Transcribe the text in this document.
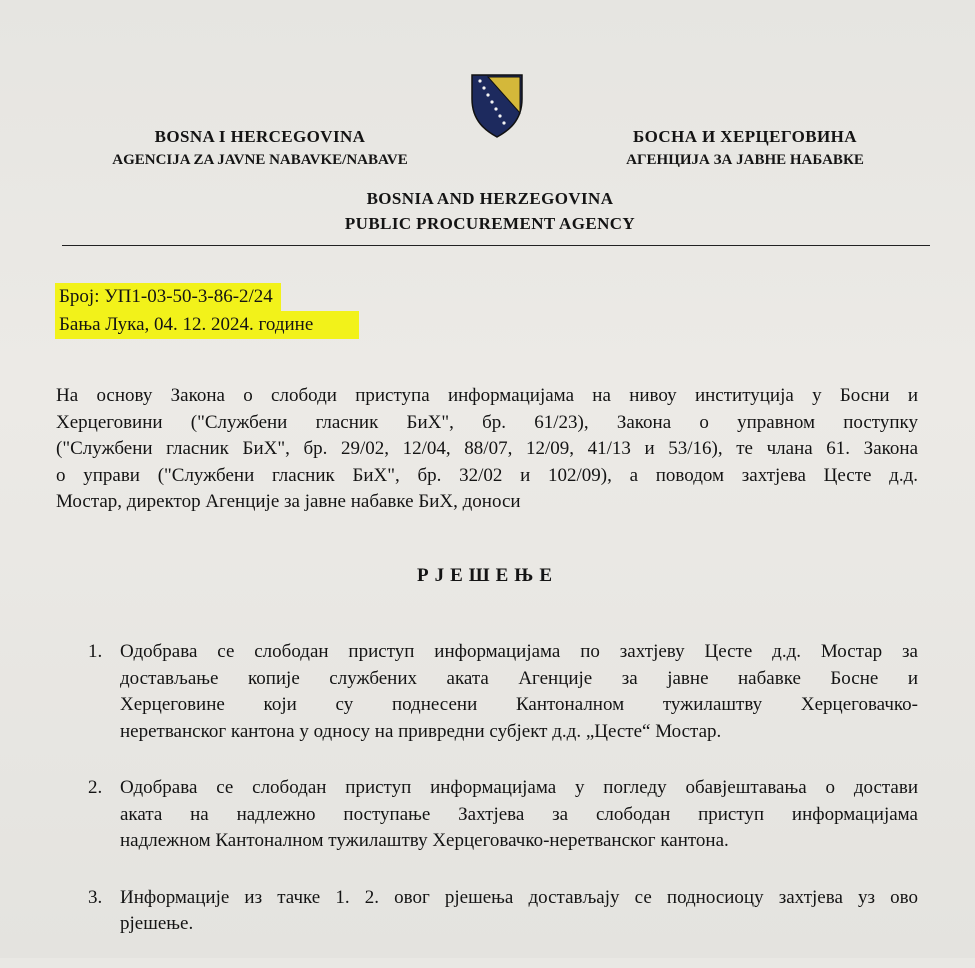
BOSNA I HERCEGOVINA
AGENCIJA ZA JAVNE NABAVKE/NABAVE
БОСНА И ХЕРЦЕГОВИНА
АГЕНЦИЈА ЗА ЈАВНЕ НАБАВКЕ
BOSNIA AND HERZEGOVINA
PUBLIC PROCUREMENT AGENCY
Број: УП1-03-50-3-86-2/24
Бања Лука, 04. 12. 2024. године
На основу Закона о слободи приступа информацијама на нивоу институција у Босни и
Херцеговини ("Службени гласник БиХ", бр. 61/23), Закона о управном поступку
("Службени гласник БиХ", бр. 29/02, 12/04, 88/07, 12/09, 41/13 и 53/16), те члана 61. Закона
о управи ("Службени гласник БиХ", бр. 32/02 и 102/09), а поводом захтјева Цесте д.д.
Мостар, директор Агенције за јавне набавке БиХ, доноси
РЈЕШЕЊЕ
1. Одобрава се слободан приступ информацијама по захтјеву Цесте д.д. Мостар за
достављање копије службених аката Агенције за јавне набавке Босне и
Херцеговине који су поднесени Кантоналном тужилаштву Херцеговачко-
неретванског кантона у односу на привредни субјект д.д. „Цесте“ Мостар.
2. Одобрава се слободан приступ информацијама у погледу обавјештавања о достави
аката на надлежно поступање Захтјева за слободан приступ информацијама
надлежном Кантоналном тужилаштву Херцеговачко-неретванског кантона.
3. Информације из тачке 1. 2. овог рјешења достављају се подносиоцу захтјева уз ово
рјешење.
